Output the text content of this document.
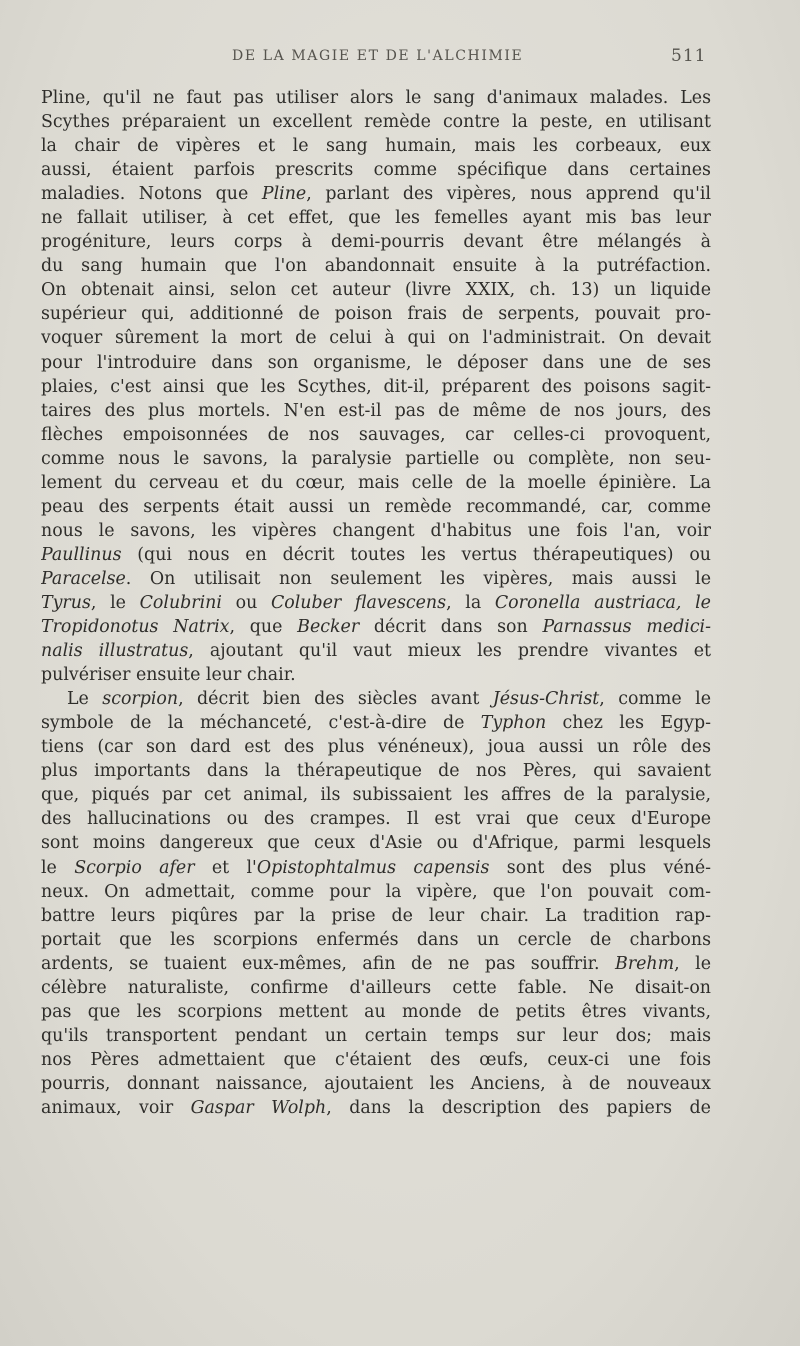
DE LA MAGIE ET DE L'ALCHIMIE	511
Pline, qu'il ne faut pas utiliser alors le sang d'animaux malades. Les
Scythes préparaient un excellent remède contre la peste, en utilisant
la chair de vipères et le sang humain, mais les corbeaux, eux
aussi, étaient parfois prescrits comme spécifique dans certaines
maladies. Notons que Pline, parlant des vipères, nous apprend qu'il
ne fallait utiliser, à cet effet, que les femelles ayant mis bas leur
progéniture, leurs corps à demi-pourris devant être mélangés à
du sang humain que l'on abandonnait ensuite à la putréfaction.
On obtenait ainsi, selon cet auteur (livre XXIX, ch. 13) un liquide
supérieur qui, additionné de poison frais de serpents, pouvait pro-
voquer sûrement la mort de celui à qui on l'administrait. On devait
pour l'introduire dans son organisme, le déposer dans une de ses
plaies, c'est ainsi que les Scythes, dit-il, préparent des poisons sagit-
taires des plus mortels. N'en est-il pas de même de nos jours, des
flèches empoisonnées de nos sauvages, car celles-ci provoquent,
comme nous le savons, la paralysie partielle ou complète, non seu-
lement du cerveau et du cœur, mais celle de la moelle épinière. La
peau des serpents était aussi un remède recommandé, car, comme
nous le savons, les vipères changent d'habitus une fois l'an, voir
Paullinus (qui nous en décrit toutes les vertus thérapeutiques) ou
Paracelse. On utilisait non seulement les vipères, mais aussi le
Tyrus, le Colubrini ou Coluber flavescens, la Coronella austriaca, le
Tropidonotus Natrix, que Becker décrit dans son Parnassus medici-
nalis illustratus, ajoutant qu'il vaut mieux les prendre vivantes et
pulvériser ensuite leur chair.
Le scorpion, décrit bien des siècles avant Jésus-Christ, comme le
symbole de la méchanceté, c'est-à-dire de Typhon chez les Egyp-
tiens (car son dard est des plus vénéneux), joua aussi un rôle des
plus importants dans la thérapeutique de nos Pères, qui savaient
que, piqués par cet animal, ils subissaient les affres de la paralysie,
des hallucinations ou des crampes. Il est vrai que ceux d'Europe
sont moins dangereux que ceux d'Asie ou d'Afrique, parmi lesquels
le Scorpio afer et l'Opistophtalmus capensis sont des plus véné-
neux. On admettait, comme pour la vipère, que l'on pouvait com-
battre leurs piqûres par la prise de leur chair. La tradition rap-
portait que les scorpions enfermés dans un cercle de charbons
ardents, se tuaient eux-mêmes, afin de ne pas souffrir. Brehm, le
célèbre naturaliste, confirme d'ailleurs cette fable. Ne disait-on
pas que les scorpions mettent au monde de petits êtres vivants,
qu'ils transportent pendant un certain temps sur leur dos; mais
nos Pères admettaient que c'étaient des œufs, ceux-ci une fois
pourris, donnant naissance, ajoutaient les Anciens, à de nouveaux
animaux, voir Gaspar Wolph, dans la description des papiers de
